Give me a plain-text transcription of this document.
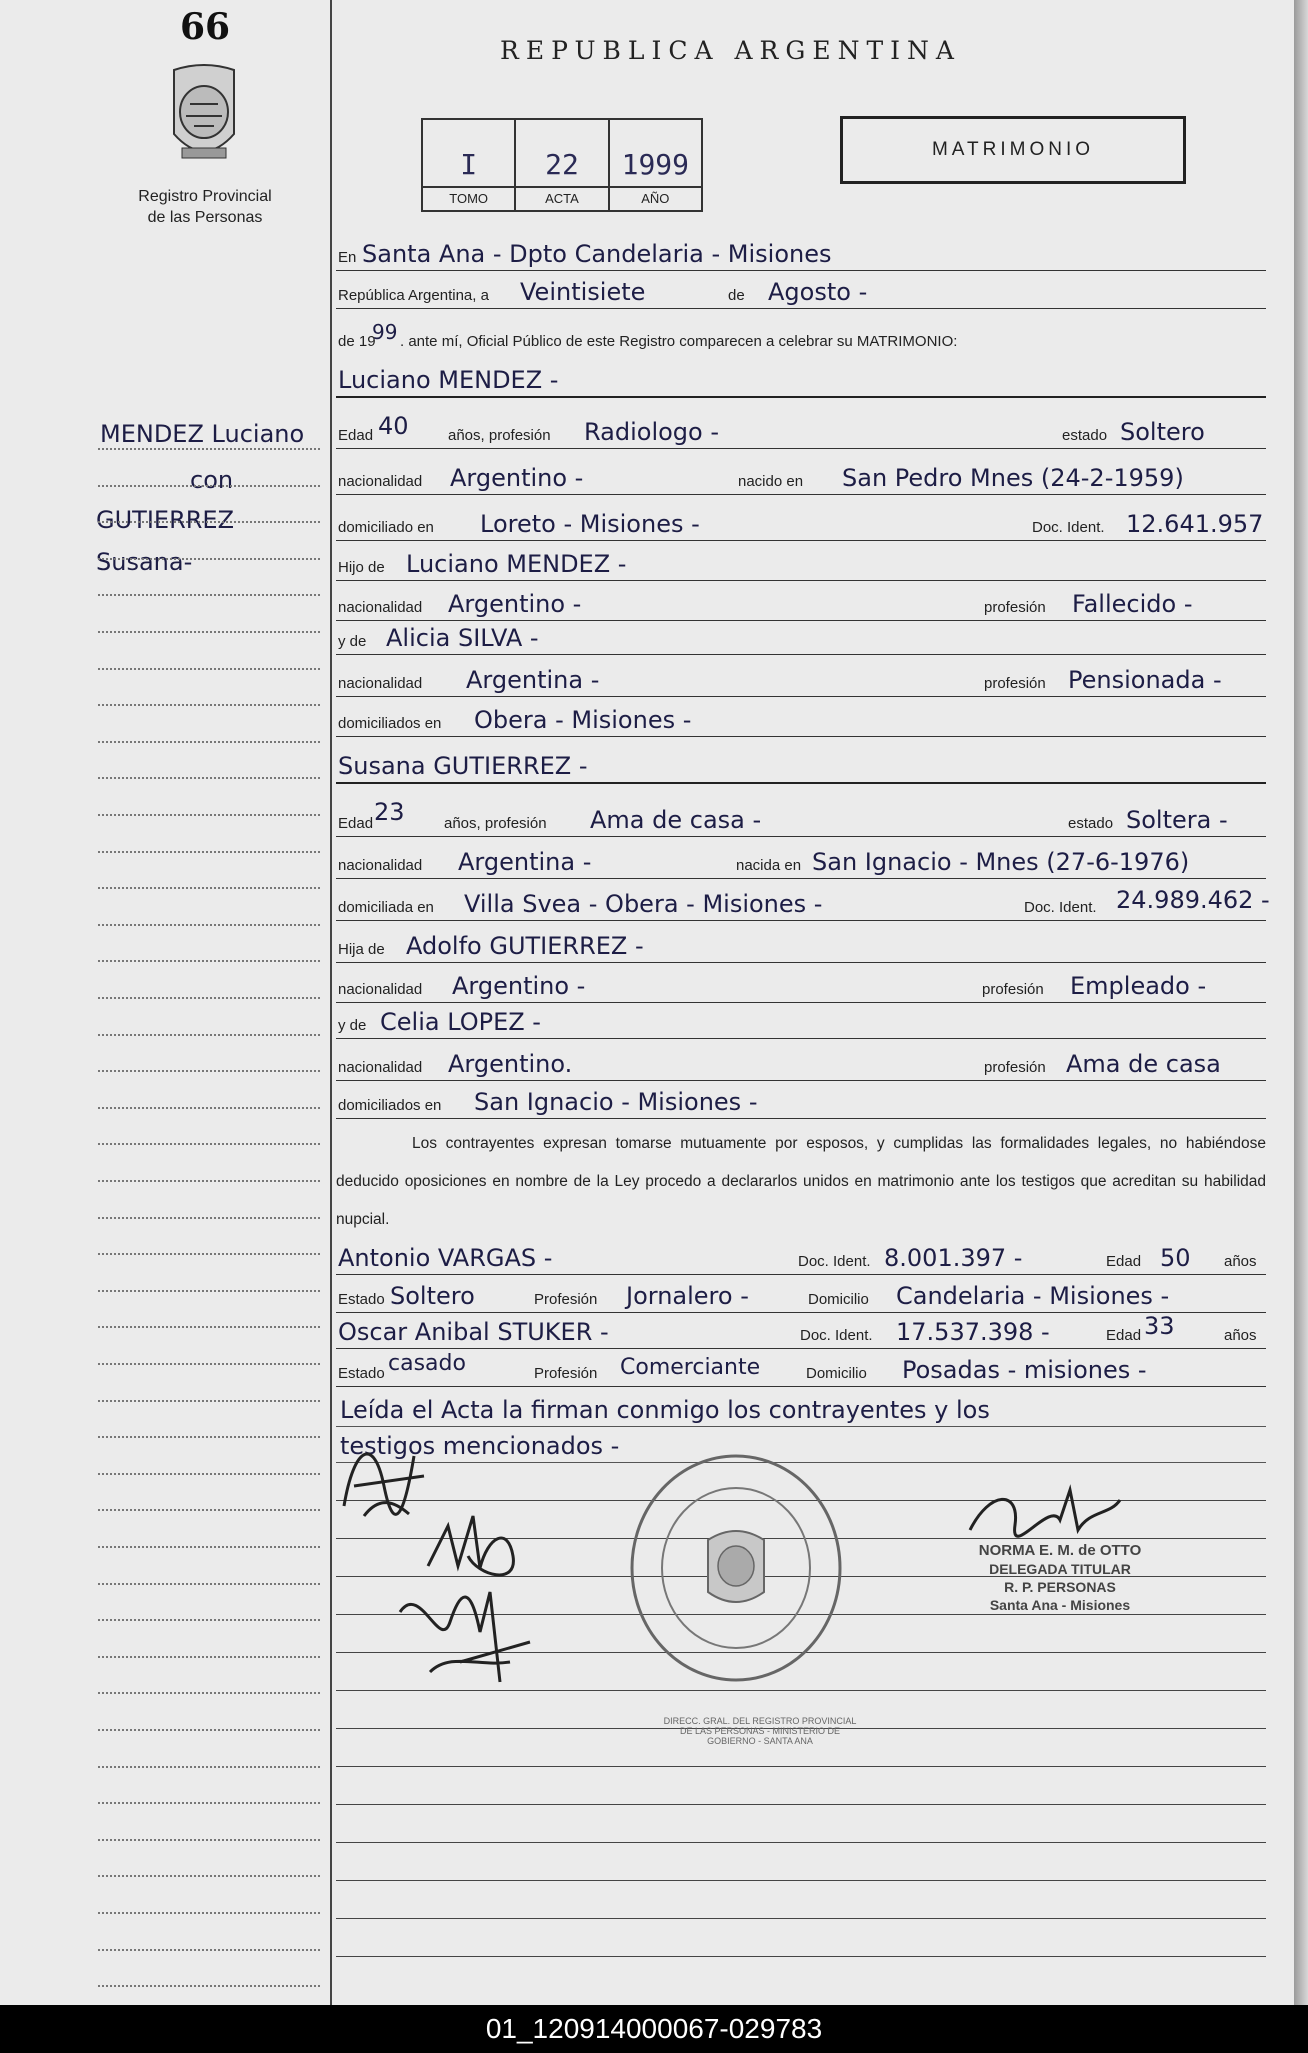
66
Registro Provincial
de las Personas
REPUBLICA ARGENTINA
I
TOMO
22
ACTA
1999
AÑO
MATRIMONIO
MENDEZ Luciano
con
GUTIERREZ
Susana-
En Santa Ana - Dpto Candelaria - Misiones
República Argentina, a Veintisiete	de Agosto -
de 19
99 . ante mí, Oficial Público de este Registro comparecen a celebrar su MATRIMONIO:
Luciano MENDEZ -
Edad 40	años, profesión Radiologo -	estado Soltero
nacionalidad Argentino -	nacido en San Pedro Mnes (24-2-1959)
domiciliado en Loreto - Misiones -	Doc. Ident. 12.641.957
Hijo de Luciano MENDEZ -
nacionalidad Argentino -	profesión Fallecido -
y de Alicia SILVA -
nacionalidad Argentina -	profesión Pensionada -
domiciliados en Obera - Misiones -
Susana GUTIERREZ -
Edad 23	años, profesión Ama de casa -	estado Soltera -
nacionalidad Argentina -	nacida en San Ignacio - Mnes (27-6-1976)
domiciliada en Villa Svea - Obera - Misiones -	Doc. Ident. 24.989.462 -
Hija de Adolfo GUTIERREZ -
nacionalidad Argentino -	profesión Empleado -
y de Celia LOPEZ -
nacionalidad Argentino.	profesión Ama de casa
domiciliados en San Ignacio - Misiones -
Los contrayentes expresan tomarse mutuamente por esposos, y cumplidas las formalidades legales, no habiéndose deducido oposiciones en nombre de la Ley procedo a declararlos unidos en matrimonio ante los testigos que acreditan su habilidad nupcial.
Antonio VARGAS -	Doc. Ident. 8.001.397 -	Edad 50 años
Estado Soltero	Profesión Jornalero -	Domicilio Candelaria - Misiones -
Oscar Anibal STUKER -	Doc. Ident. 17.537.398 -	Edad 33	años
Estado casado	Profesión Comerciante	Domicilio Posadas - misiones -
Leída el Acta la firman conmigo los contrayentes y los
testigos mencionados -
DIRECC. GRAL. DEL REGISTRO PROVINCIAL DE LAS PERSONAS - MINISTERIO DE GOBIERNO - SANTA ANA
NORMA E. M. de OTTO
DELEGADA TITULAR
R. P. PERSONAS
Santa Ana - Misiones
01_120914000067-029783
